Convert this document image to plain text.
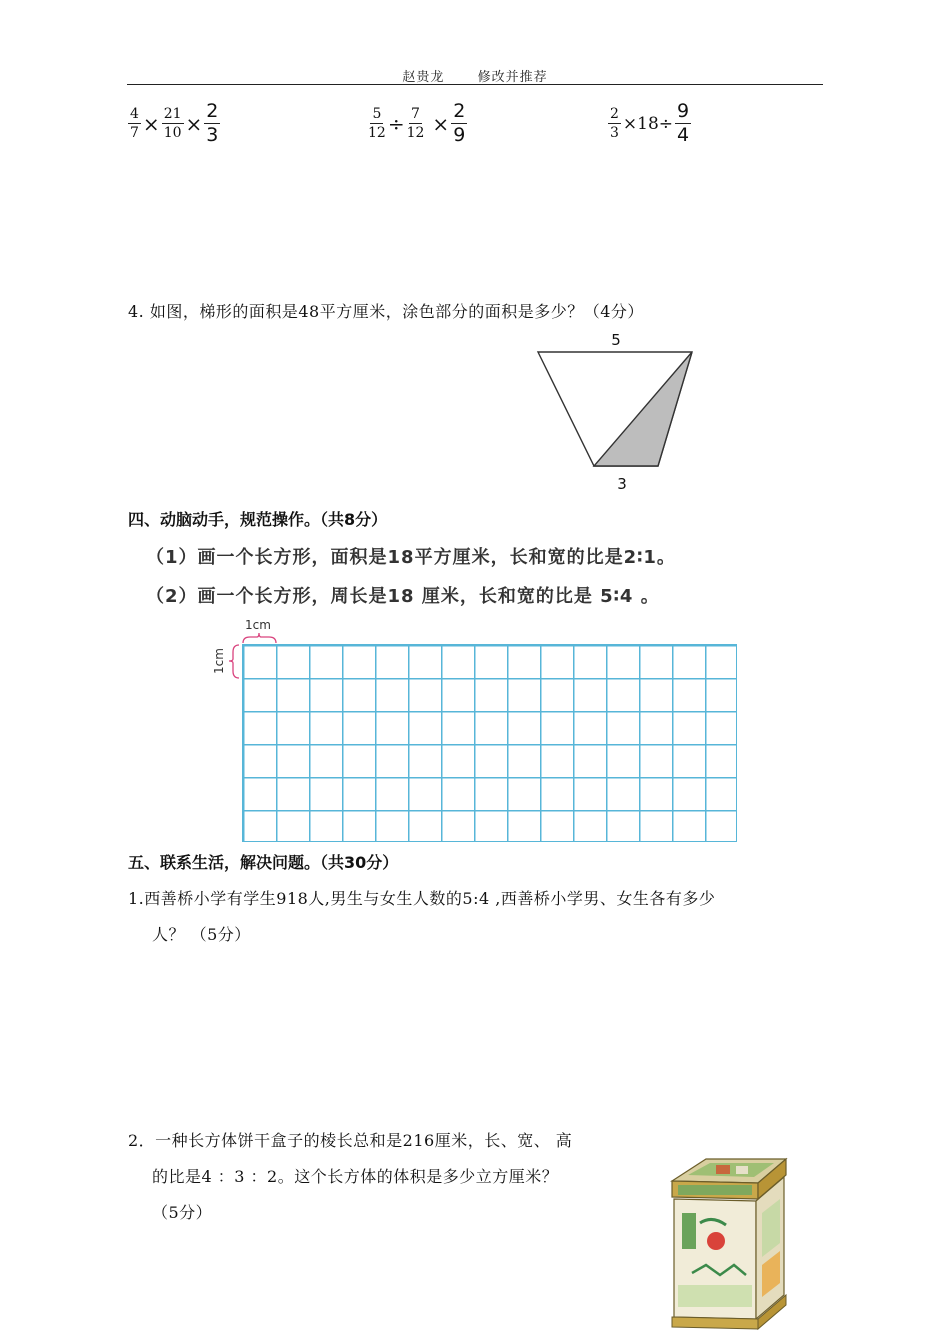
赵贵龙	修改并推荐
$\frac{4}{7} \times \frac{21}{10} \times \frac{2}{3}$	$\frac{5}{12} \div \frac{7}{12} \times \frac{2}{9}$	$\frac{2}{3} \times 18\div \frac{9}{4}$
4. 如图，梯形的面积是48平方厘米，涂色部分的面积是多少？（4分）
5
3
四、动脑动手，规范操作。（共8分）
（1）画一个长方形，面积是18平方厘米，长和宽的比是2∶1。
（2）画一个长方形，周长是18 厘米，长和宽的比是 5∶4 。
1cm
1cm
五、联系生活，解决问题。（共30分）
1.西善桥小学有学生918人,男生与女生人数的5:4 ,西善桥小学男、女生各有多少
人？ （5分）
2．一种长方体饼干盒子的棱长总和是216厘米，长、宽、 高
的比是4 ：3 ：2。这个长方体的体积是多少立方厘米？
（5分）
